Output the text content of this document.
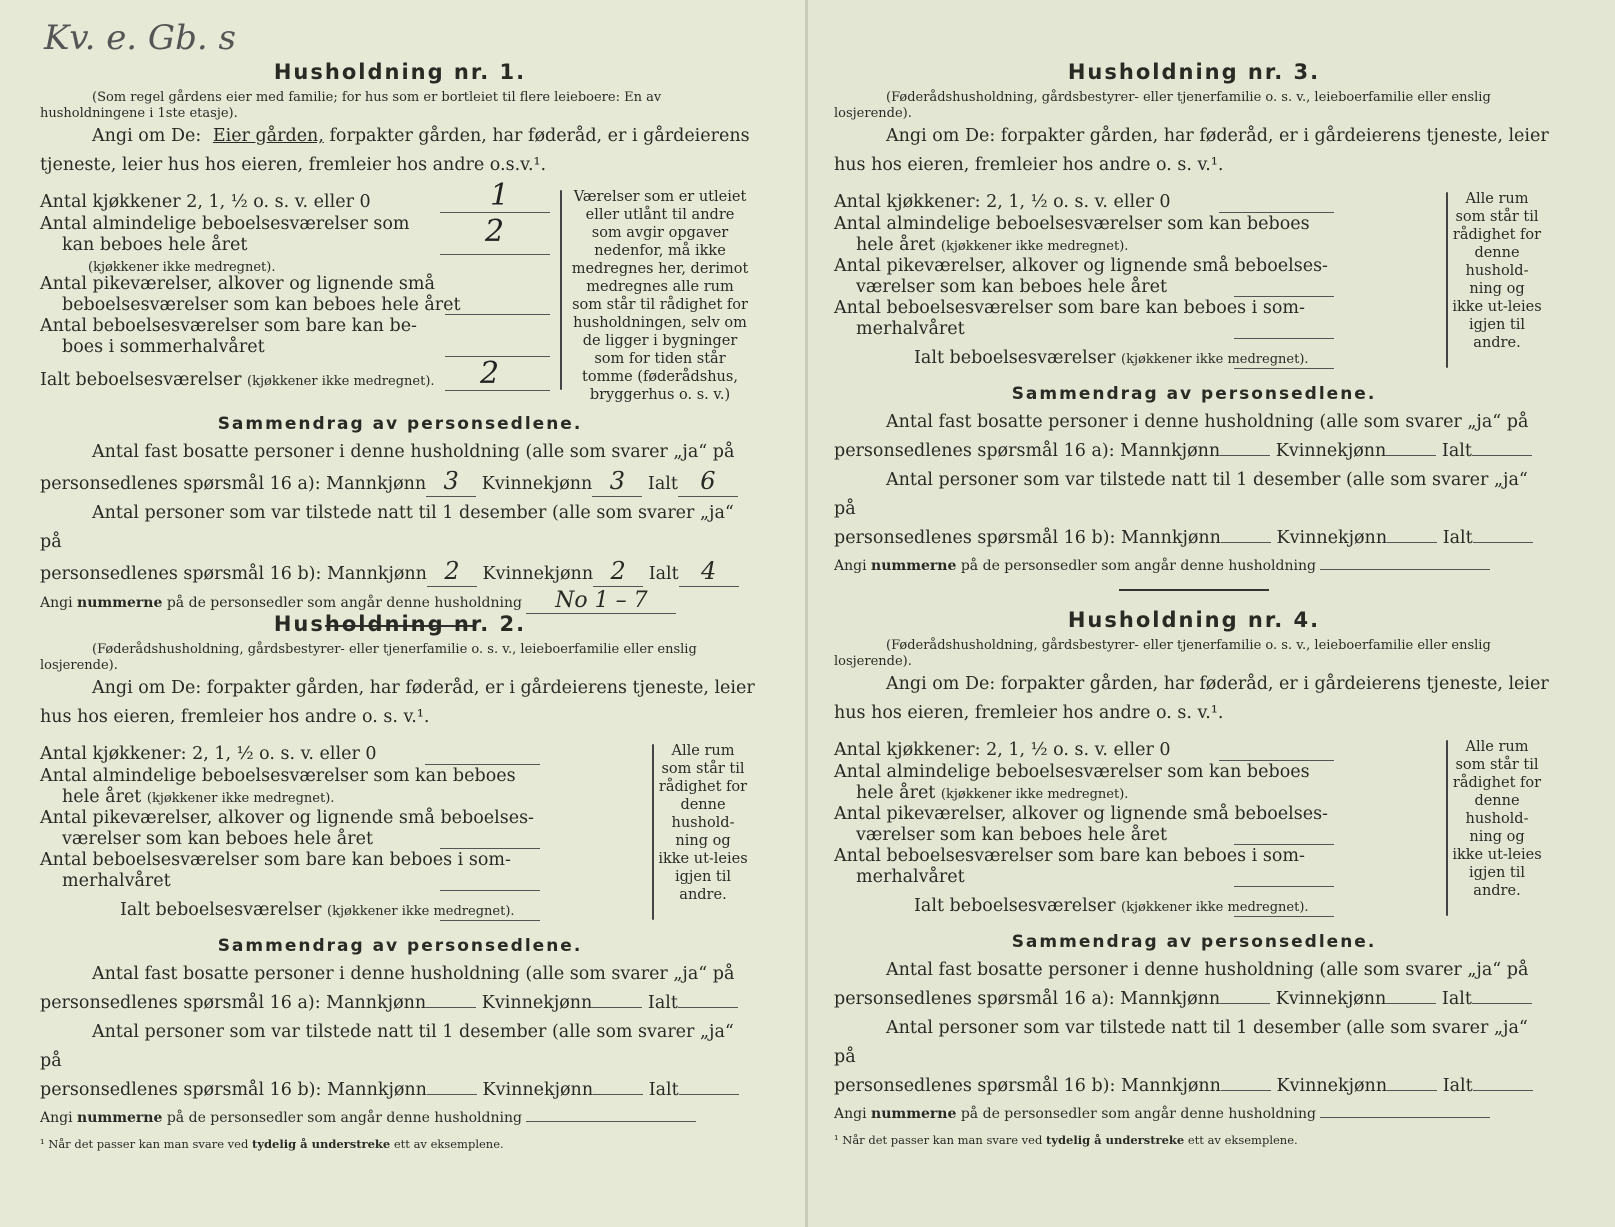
Kv. e. Gb. s
Husholdning nr. 1.

(Som regel gårdens eier med familie; for hus som er bortleiet til flere leieboere: En av husholdningene i 1ste etasje).

Angi om De: Eier gården, forpakter gården, har føderåd, er i gårdeierens tjeneste, leier hus hos eieren, fremleier hos andre o.s.v.¹.

Antal kjøkkener 2, 1, ½ o. s. v. eller 0	1
Antal almindelige beboelsesværelser som
kan beboes hele året	2
(kjøkkener ikke medregnet).
Antal pikeværelser, alkover og lignende små
beboelsesværelser som kan beboes hele året
Antal beboelsesværelser som bare kan be-
boes i sommerhalvåret
Ialt beboelsesværelser (kjøkkener ikke medregnet). 2
Værelser som er utleiet eller utlånt til andre som avgir opgaver nedenfor, må ikke medregnes her, derimot medregnes alle rum som står til rådighet for husholdningen, selv om de ligger i bygninger som for tiden står tomme (føderådshus, bryggerhus o. s. v.)
Sammendrag av personsedlene.

Antal fast bosatte personer i denne husholdning (alle som svarer „ja“ på

personsedlenes spørsmål 16 a): Mannkjønn 3 Kvinnekjønn 3 Ialt 6

Antal personer som var tilstede natt til 1 desember (alle som svarer „ja“ på

personsedlenes spørsmål 16 b): Mannkjønn 2 Kvinnekjønn 2 Ialt 4

Angi nummerne på de personsedler som angår denne husholdning No 1 – 7

Husholdning nr. 2.

(Føderådshusholdning, gårdsbestyrer- eller tjenerfamilie o. s. v., leieboerfamilie eller enslig losjerende).

Angi om De: forpakter gården, har føderåd, er i gårdeierens tjeneste, leier hus hos eieren, fremleier hos andre o. s. v.¹.

Antal kjøkkener: 2, 1, ½ o. s. v. eller 0
Antal almindelige beboelsesværelser som kan beboes
hele året (kjøkkener ikke medregnet).
Antal pikeværelser, alkover og lignende små beboelses-
værelser som kan beboes hele året
Antal beboelsesværelser som bare kan beboes i som-
merhalvåret
Ialt beboelsesværelser (kjøkkener ikke medregnet).
Alle rum som står til rådighet for denne hushold-ning og ikke ut-leies igjen til andre.
Sammendrag av personsedlene.

Antal fast bosatte personer i denne husholdning (alle som svarer „ja“ på

personsedlenes spørsmål 16 a): Mannkjønn	Kvinnekjønn	Ialt

Antal personer som var tilstede natt til 1 desember (alle som svarer „ja“ på

personsedlenes spørsmål 16 b): Mannkjønn	Kvinnekjønn	Ialt

Angi nummerne på de personsedler som angår denne husholdning

¹ Når det passer kan man svare ved tydelig å understreke ett av eksemplene.
Husholdning nr. 3.

(Føderådshusholdning, gårdsbestyrer- eller tjenerfamilie o. s. v., leieboerfamilie eller enslig losjerende).

Angi om De: forpakter gården, har føderåd, er i gårdeierens tjeneste, leier hus hos eieren, fremleier hos andre o. s. v.¹.

Antal kjøkkener: 2, 1, ½ o. s. v. eller 0
Antal almindelige beboelsesværelser som kan beboes
hele året (kjøkkener ikke medregnet).
Antal pikeværelser, alkover og lignende små beboelses-
værelser som kan beboes hele året
Antal beboelsesværelser som bare kan beboes i som-
merhalvåret
Ialt beboelsesværelser (kjøkkener ikke medregnet).
Alle rum som står til rådighet for denne hushold-ning og ikke ut-leies igjen til andre.
Sammendrag av personsedlene.

Antal fast bosatte personer i denne husholdning (alle som svarer „ja“ på

personsedlenes spørsmål 16 a): Mannkjønn	Kvinnekjønn	Ialt

Antal personer som var tilstede natt til 1 desember (alle som svarer „ja“ på

personsedlenes spørsmål 16 b): Mannkjønn	Kvinnekjønn	Ialt

Angi nummerne på de personsedler som angår denne husholdning

Husholdning nr. 4.

(Føderådshusholdning, gårdsbestyrer- eller tjenerfamilie o. s. v., leieboerfamilie eller enslig losjerende).

Angi om De: forpakter gården, har føderåd, er i gårdeierens tjeneste, leier hus hos eieren, fremleier hos andre o. s. v.¹.

Antal kjøkkener: 2, 1, ½ o. s. v. eller 0
Antal almindelige beboelsesværelser som kan beboes
hele året (kjøkkener ikke medregnet).
Antal pikeværelser, alkover og lignende små beboelses-
værelser som kan beboes hele året
Antal beboelsesværelser som bare kan beboes i som-
merhalvåret
Ialt beboelsesværelser (kjøkkener ikke medregnet).
Alle rum som står til rådighet for denne hushold-ning og ikke ut-leies igjen til andre.
Sammendrag av personsedlene.

Antal fast bosatte personer i denne husholdning (alle som svarer „ja“ på

personsedlenes spørsmål 16 a): Mannkjønn	Kvinnekjønn	Ialt

Antal personer som var tilstede natt til 1 desember (alle som svarer „ja“ på

personsedlenes spørsmål 16 b): Mannkjønn	Kvinnekjønn	Ialt

Angi nummerne på de personsedler som angår denne husholdning

¹ Når det passer kan man svare ved tydelig å understreke ett av eksemplene.
